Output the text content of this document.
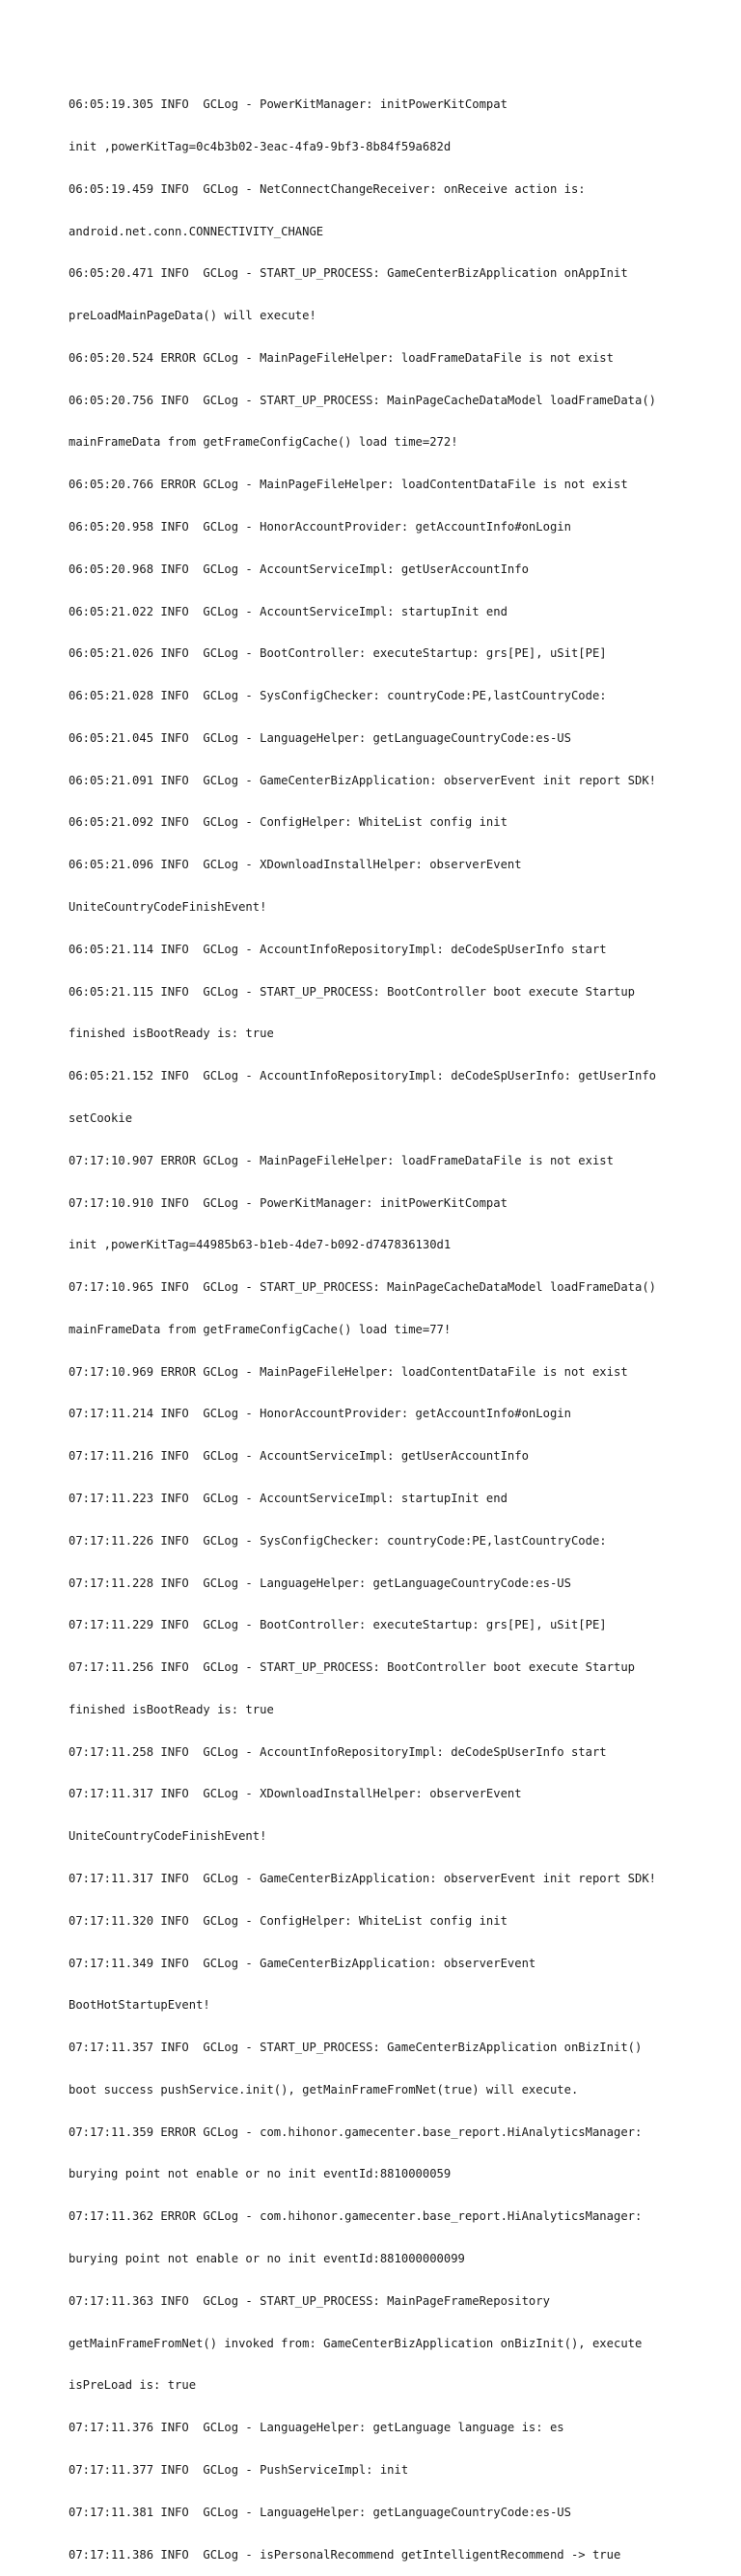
06:05:19.305 INFO  GCLog - PowerKitManager: initPowerKitCompat

init ,powerKitTag=0c4b3b02-3eac-4fa9-9bf3-8b84f59a682d

06:05:19.459 INFO  GCLog - NetConnectChangeReceiver: onReceive action is:

android.net.conn.CONNECTIVITY_CHANGE

06:05:20.471 INFO  GCLog - START_UP_PROCESS: GameCenterBizApplication onAppInit

preLoadMainPageData() will execute!

06:05:20.524 ERROR GCLog - MainPageFileHelper: loadFrameDataFile is not exist

06:05:20.756 INFO  GCLog - START_UP_PROCESS: MainPageCacheDataModel loadFrameData()

mainFrameData from getFrameConfigCache() load time=272!

06:05:20.766 ERROR GCLog - MainPageFileHelper: loadContentDataFile is not exist

06:05:20.958 INFO  GCLog - HonorAccountProvider: getAccountInfo#onLogin

06:05:20.968 INFO  GCLog - AccountServiceImpl: getUserAccountInfo

06:05:21.022 INFO  GCLog - AccountServiceImpl: startupInit end

06:05:21.026 INFO  GCLog - BootController: executeStartup: grs[PE], uSit[PE]

06:05:21.028 INFO  GCLog - SysConfigChecker: countryCode:PE,lastCountryCode:

06:05:21.045 INFO  GCLog - LanguageHelper: getLanguageCountryCode:es-US

06:05:21.091 INFO  GCLog - GameCenterBizApplication: observerEvent init report SDK!

06:05:21.092 INFO  GCLog - ConfigHelper: WhiteList config init

06:05:21.096 INFO  GCLog - XDownloadInstallHelper: observerEvent

UniteCountryCodeFinishEvent!

06:05:21.114 INFO  GCLog - AccountInfoRepositoryImpl: deCodeSpUserInfo start

06:05:21.115 INFO  GCLog - START_UP_PROCESS: BootController boot execute Startup

finished isBootReady is: true

06:05:21.152 INFO  GCLog - AccountInfoRepositoryImpl: deCodeSpUserInfo: getUserInfo

setCookie

07:17:10.907 ERROR GCLog - MainPageFileHelper: loadFrameDataFile is not exist

07:17:10.910 INFO  GCLog - PowerKitManager: initPowerKitCompat

init ,powerKitTag=44985b63-b1eb-4de7-b092-d747836130d1

07:17:10.965 INFO  GCLog - START_UP_PROCESS: MainPageCacheDataModel loadFrameData()

mainFrameData from getFrameConfigCache() load time=77!

07:17:10.969 ERROR GCLog - MainPageFileHelper: loadContentDataFile is not exist

07:17:11.214 INFO  GCLog - HonorAccountProvider: getAccountInfo#onLogin

07:17:11.216 INFO  GCLog - AccountServiceImpl: getUserAccountInfo

07:17:11.223 INFO  GCLog - AccountServiceImpl: startupInit end

07:17:11.226 INFO  GCLog - SysConfigChecker: countryCode:PE,lastCountryCode:

07:17:11.228 INFO  GCLog - LanguageHelper: getLanguageCountryCode:es-US

07:17:11.229 INFO  GCLog - BootController: executeStartup: grs[PE], uSit[PE]

07:17:11.256 INFO  GCLog - START_UP_PROCESS: BootController boot execute Startup

finished isBootReady is: true

07:17:11.258 INFO  GCLog - AccountInfoRepositoryImpl: deCodeSpUserInfo start

07:17:11.317 INFO  GCLog - XDownloadInstallHelper: observerEvent

UniteCountryCodeFinishEvent!

07:17:11.317 INFO  GCLog - GameCenterBizApplication: observerEvent init report SDK!

07:17:11.320 INFO  GCLog - ConfigHelper: WhiteList config init

07:17:11.349 INFO  GCLog - GameCenterBizApplication: observerEvent

BootHotStartupEvent!

07:17:11.357 INFO  GCLog - START_UP_PROCESS: GameCenterBizApplication onBizInit()

boot success pushService.init(), getMainFrameFromNet(true) will execute.

07:17:11.359 ERROR GCLog - com.hihonor.gamecenter.base_report.HiAnalyticsManager:

burying point not enable or no init eventId:8810000059

07:17:11.362 ERROR GCLog - com.hihonor.gamecenter.base_report.HiAnalyticsManager:

burying point not enable or no init eventId:881000000099

07:17:11.363 INFO  GCLog - START_UP_PROCESS: MainPageFrameRepository

getMainFrameFromNet() invoked from: GameCenterBizApplication onBizInit(), execute

isPreLoad is: true

07:17:11.376 INFO  GCLog - LanguageHelper: getLanguage language is: es

07:17:11.377 INFO  GCLog - PushServiceImpl: init

07:17:11.381 INFO  GCLog - LanguageHelper: getLanguageCountryCode:es-US

07:17:11.386 INFO  GCLog - isPersonalRecommend getIntelligentRecommend -> true
